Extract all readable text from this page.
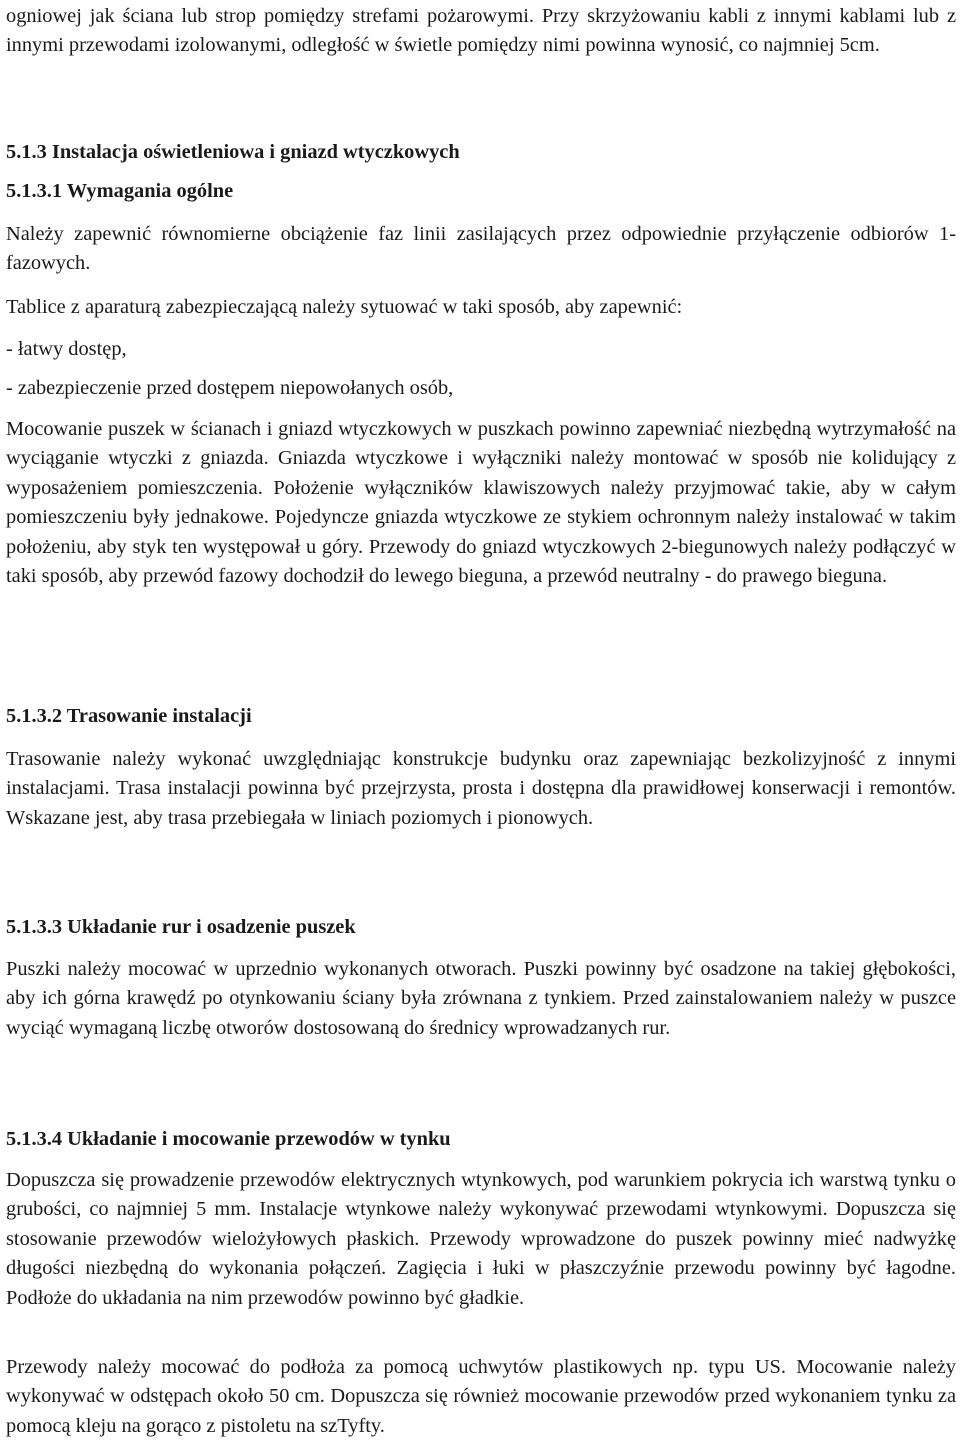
ogniowej jak ściana lub strop pomiędzy strefami pożarowymi. Przy skrzyżowaniu kabli z innymi kablami lub z innymi przewodami izolowanymi, odległość w świetle pomiędzy nimi powinna wynosić, co najmniej 5cm.

5.1.3 Instalacja oświetleniowa i gniazd wtyczkowych
5.1.3.1 Wymagania ogólne

Należy zapewnić równomierne obciążenie faz linii zasilających przez odpowiednie przyłączenie odbiorów 1-fazowych.

Tablice z aparaturą zabezpieczającą należy sytuować w taki sposób, aby zapewnić:

- łatwy dostęp,

- zabezpieczenie przed dostępem niepowołanych osób,

Mocowanie puszek w ścianach i gniazd wtyczkowych w puszkach powinno zapewniać niezbędną wytrzymałość na wyciąganie wtyczki z gniazda. Gniazda wtyczkowe i wyłączniki należy montować w sposób nie kolidujący z wyposażeniem pomieszczenia. Położenie wyłączników klawiszowych należy przyjmować takie, aby w całym pomieszczeniu były jednakowe. Pojedyncze gniazda wtyczkowe ze stykiem ochronnym należy instalować w takim położeniu, aby styk ten występował u góry. Przewody do gniazd wtyczkowych 2-biegunowych należy podłączyć w taki sposób, aby przewód fazowy dochodził do lewego bieguna, a przewód neutralny - do prawego bieguna.

5.1.3.2 Trasowanie instalacji

Trasowanie należy wykonać uwzględniając konstrukcje budynku oraz zapewniając bezkolizyjność z innymi instalacjami. Trasa instalacji powinna być przejrzysta, prosta i dostępna dla prawidłowej konserwacji i remontów. Wskazane jest, aby trasa przebiegała w liniach poziomych i pionowych.

5.1.3.3 Układanie rur i osadzenie puszek

Puszki należy mocować w uprzednio wykonanych otworach. Puszki powinny być osadzone na takiej głębokości, aby ich górna krawędź po otynkowaniu ściany była zrównana z tynkiem. Przed zainstalowaniem należy w puszce wyciąć wymaganą liczbę otworów dostosowaną do średnicy wprowadzanych rur.

5.1.3.4 Układanie i mocowanie przewodów w tynku

Dopuszcza się prowadzenie przewodów elektrycznych wtynkowych, pod warunkiem pokrycia ich warstwą tynku o grubości, co najmniej 5 mm. Instalacje wtynkowe należy wykonywać przewodami wtynkowymi. Dopuszcza się stosowanie przewodów wielożyłowych płaskich. Przewody wprowadzone do puszek powinny mieć nadwyżkę długości niezbędną do wykonania połączeń. Zagięcia i łuki w płaszczyźnie przewodu powinny być łagodne. Podłoże do układania na nim przewodów powinno być gładkie.

Przewody należy mocować do podłoża za pomocą uchwytów plastikowych np. typu US. Mocowanie należy wykonywać w odstępach około 50 cm. Dopuszcza się również mocowanie przewodów przed wykonaniem tynku za pomocą kleju na gorąco z pistoletu na szTyfty.
